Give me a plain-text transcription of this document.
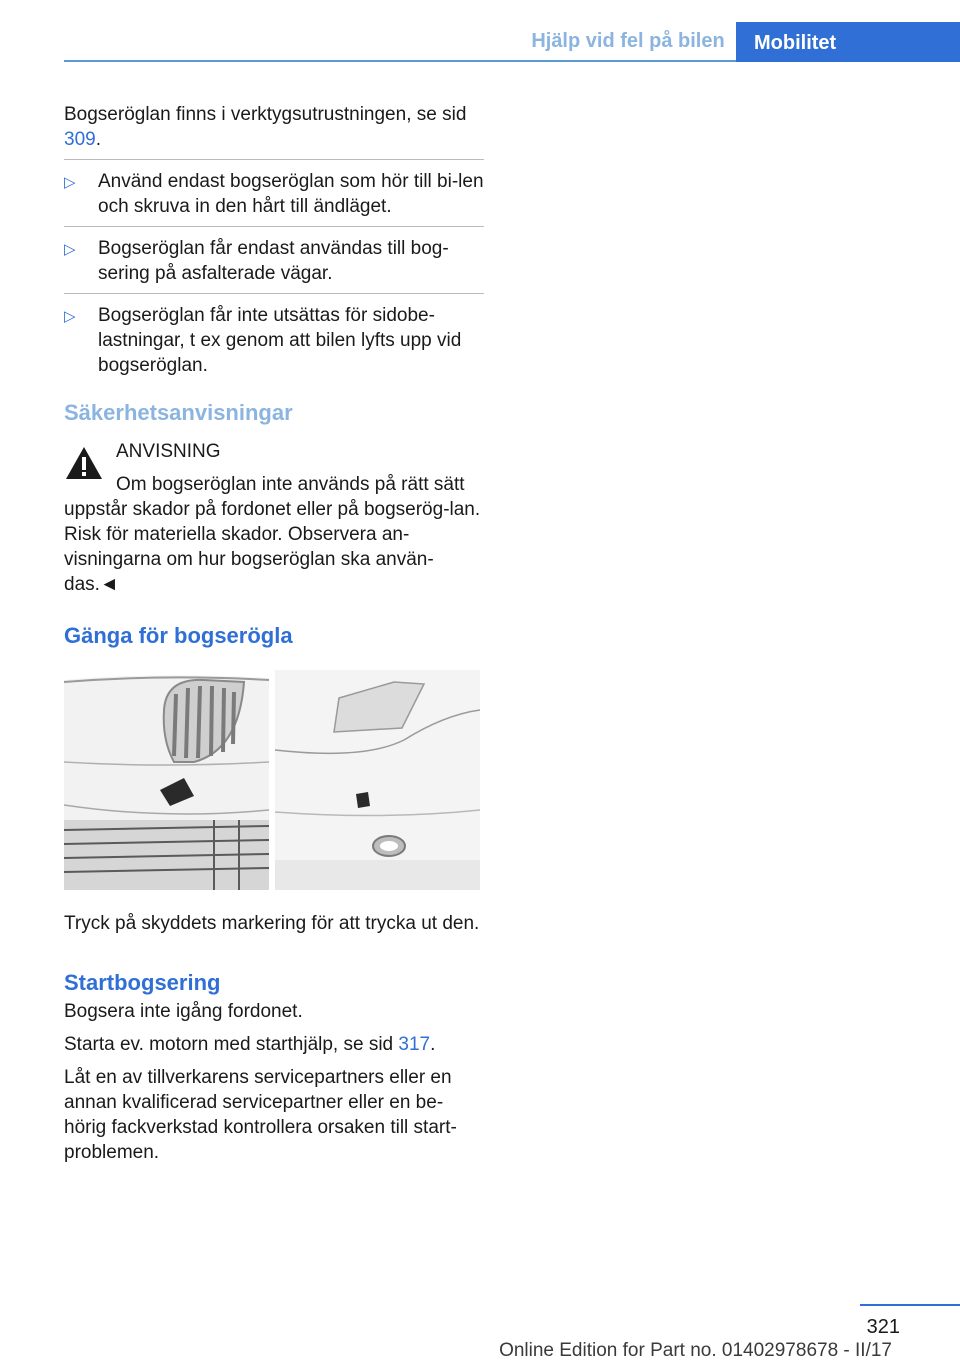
Hjälp vid fel på bilen	Mobilitet

Bogseröglan finns i verktygsutrustningen, se sid 309.

▷ Använd endast bogseröglan som hör till bi‐len och skruva in den hårt till ändläget.
▷ Bogseröglan får endast användas till bog‐sering på asfalterade vägar.
▷ Bogseröglan får inte utsättas för sidobe‐lastningar, t ex genom att bilen lyfts upp vid bogseröglan.
Säkerhetsanvisningar
ANVISNING
Om bogseröglan inte används på rätt sätt uppstår skador på fordonet eller på bogserög‐lan. Risk för materiella skador. Observera an‐visningarna om hur bogseröglan ska använ‐das.◄
Gänga för bogserögla

Tryck på skyddets markering för att trycka ut den.

Startbogsering

Bogsera inte igång fordonet.

Starta ev. motorn med starthjälp, se sid 317.

Låt en av tillverkarens servicepartners eller en annan kvalificerad servicepartner eller en be‐hörig fackverkstad kontrollera orsaken till start‐problemen.

321
Online Edition for Part no. 01402978678 - II/17
